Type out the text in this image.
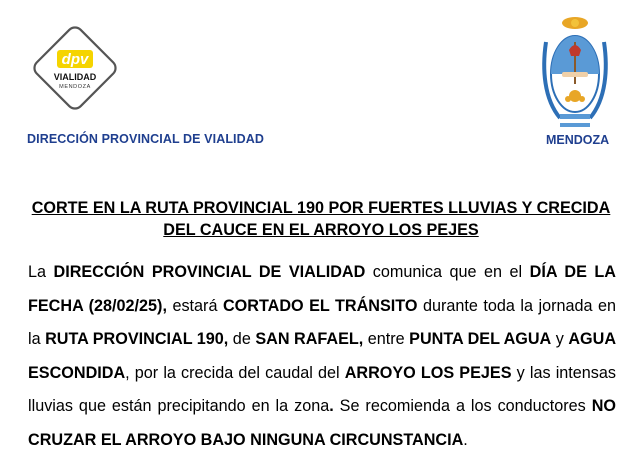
dpv
VIALIDAD
MENDOZA
DIRECCIÓN PROVINCIAL DE VIALIDAD	MENDOZA
CORTE EN LA RUTA PROVINCIAL 190 POR FUERTES LLUVIAS Y CRECIDA
DEL CAUCE EN EL ARROYO LOS PEJES
La DIRECCIÓN PROVINCIAL DE VIALIDAD comunica que en el DÍA DE LA FECHA (28/02/25), estará CORTADO EL TRÁNSITO durante toda la jornada en la RUTA PROVINCIAL 190, de SAN RAFAEL, entre PUNTA DEL AGUA y AGUA ESCONDIDA, por la crecida del caudal del ARROYO LOS PEJES y las intensas lluvias que están precipitando en la zona. Se recomienda a los conductores NO CRUZAR EL ARROYO BAJO NINGUNA CIRCUNSTANCIA.
